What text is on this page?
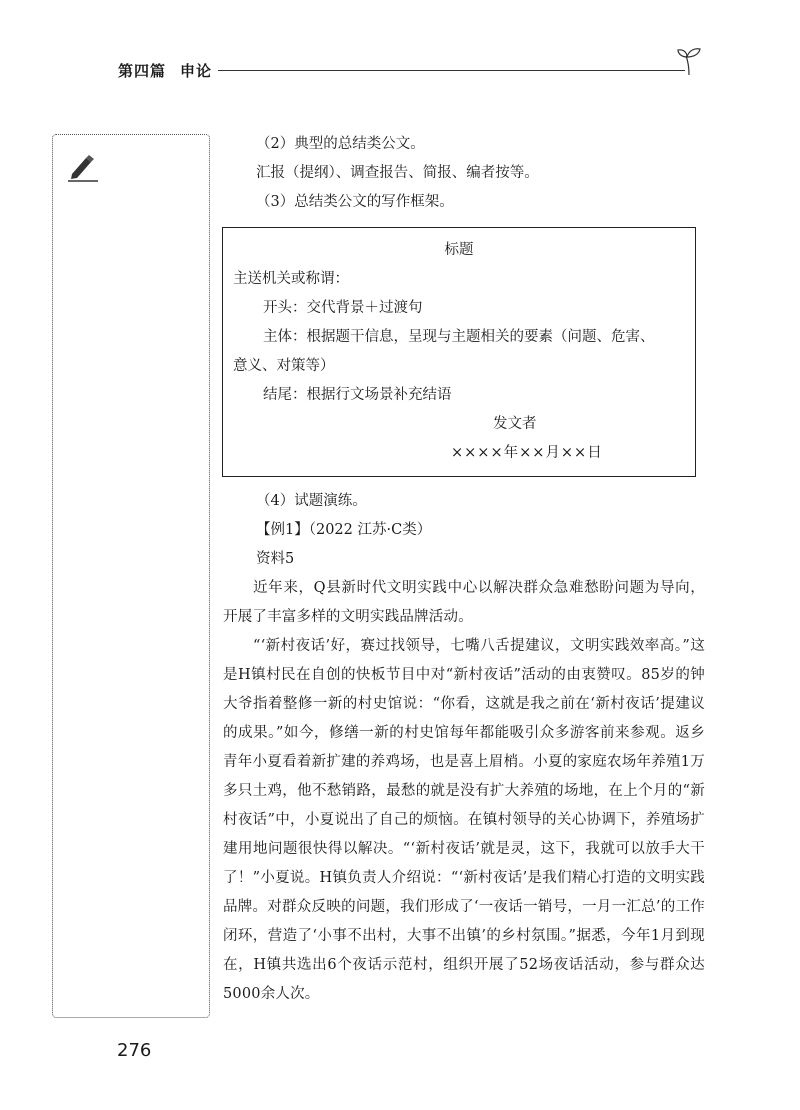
第四篇 申论
（2）典型的总结类公文。
汇报（提纲）、调查报告、简报、编者按等。
（3）总结类公文的写作框架。
标题
主送机关或称谓：
开头：交代背景＋过渡句
主体：根据题干信息，呈现与主题相关的要素（问题、危害、
意义、对策等）
结尾：根据行文场景补充结语
发文者
××××年××月××日
（4）试题演练。
【例1】（2022 江苏·C类）
资料5

近年来，Q县新时代文明实践中心以解决群众急难愁盼问题为导向，开展了丰富多样的文明实践品牌活动。

“‘新村夜话’好，赛过找领导，七嘴八舌提建议，文明实践效率高。”这是H镇村民在自创的快板节目中对“新村夜话”活动的由衷赞叹。85岁的钟大爷指着整修一新的村史馆说：“你看，这就是我之前在‘新村夜话’提建议的成果。”如今，修缮一新的村史馆每年都能吸引众多游客前来参观。返乡青年小夏看着新扩建的养鸡场，也是喜上眉梢。小夏的家庭农场年养殖1万多只土鸡，他不愁销路，最愁的就是没有扩大养殖的场地，在上个月的“新村夜话”中，小夏说出了自己的烦恼。在镇村领导的关心协调下，养殖场扩建用地问题很快得以解决。“‘新村夜话’就是灵，这下，我就可以放手大干了！”小夏说。H镇负责人介绍说：“‘新村夜话’是我们精心打造的文明实践品牌。对群众反映的问题，我们形成了‘一夜话一销号，一月一汇总’的工作闭环，营造了‘小事不出村，大事不出镇’的乡村氛围。”据悉，今年1月到现在，H镇共选出6个夜话示范村，组织开展了52场夜话活动，参与群众达5000余人次。

276
